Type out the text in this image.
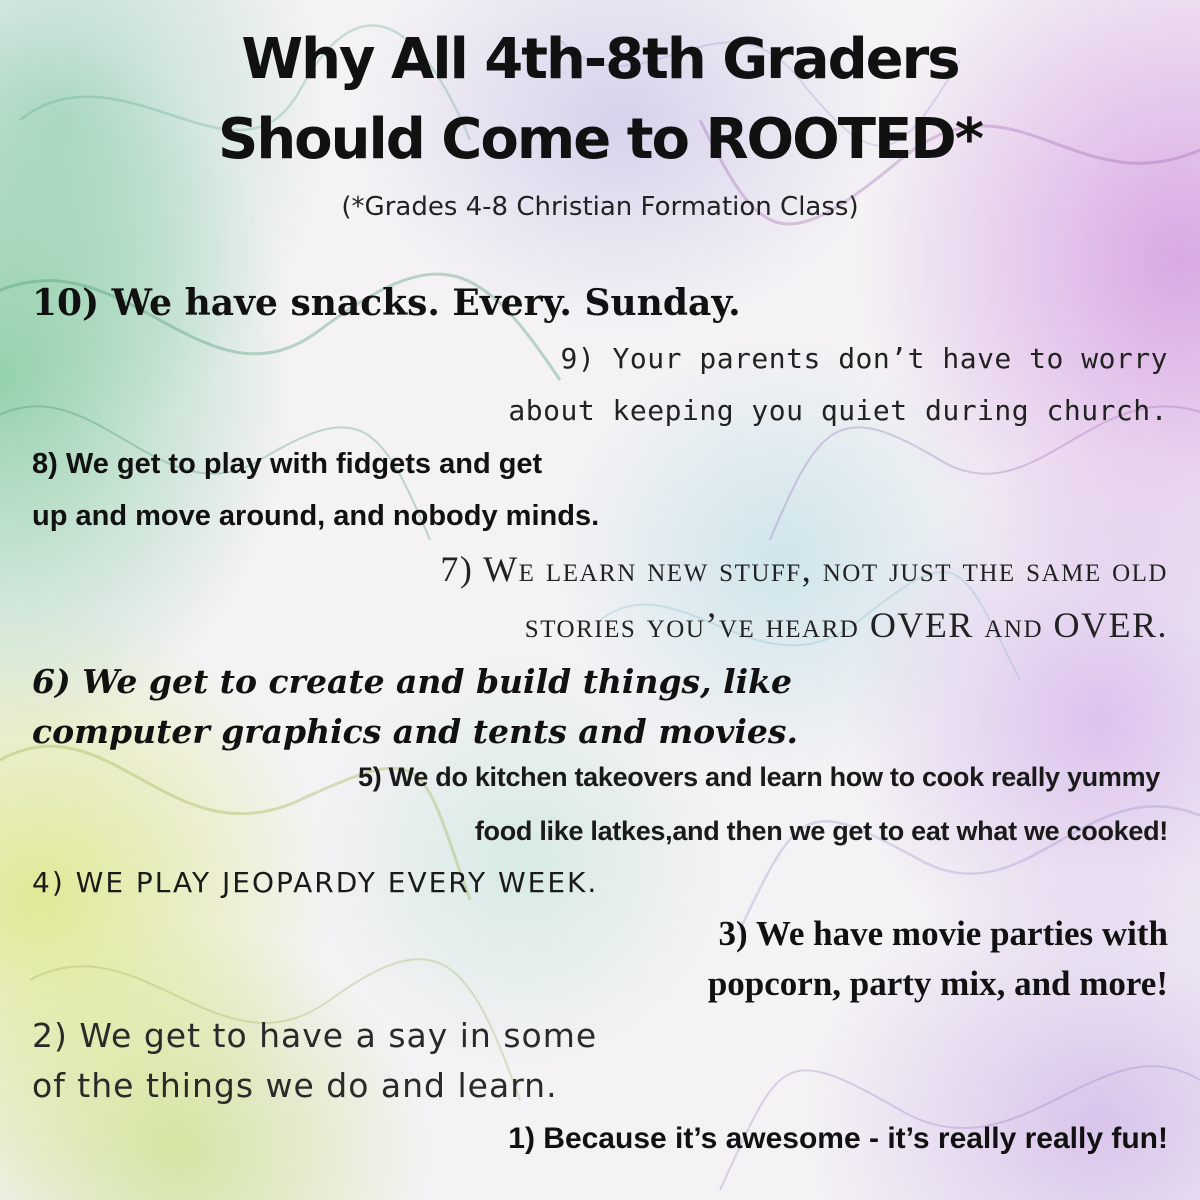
Why All 4th-8th Graders
Should Come to ROOTED*

(*Grades 4-8 Christian Formation Class)

10) We have snacks. Every. Sunday.

9) Your parents don’t have to worry

about keeping you quiet during church.

8) We get to play with fidgets and get

up and move around, and nobody minds.

7) We learn new stuff, not just the same old

stories you’ve heard OVER and OVER.

6) We get to create and build things, like

computer graphics and tents and movies.

5) We do kitchen takeovers and learn how to cook really yummy

food like latkes,and then we get to eat what we cooked!

4) WE PLAY JEOPARDY EVERY WEEK.

3) We have movie parties with

popcorn, party mix, and more!

2) We get to have a say in some

of the things we do and learn.

1) Because it’s awesome - it’s really really fun!
